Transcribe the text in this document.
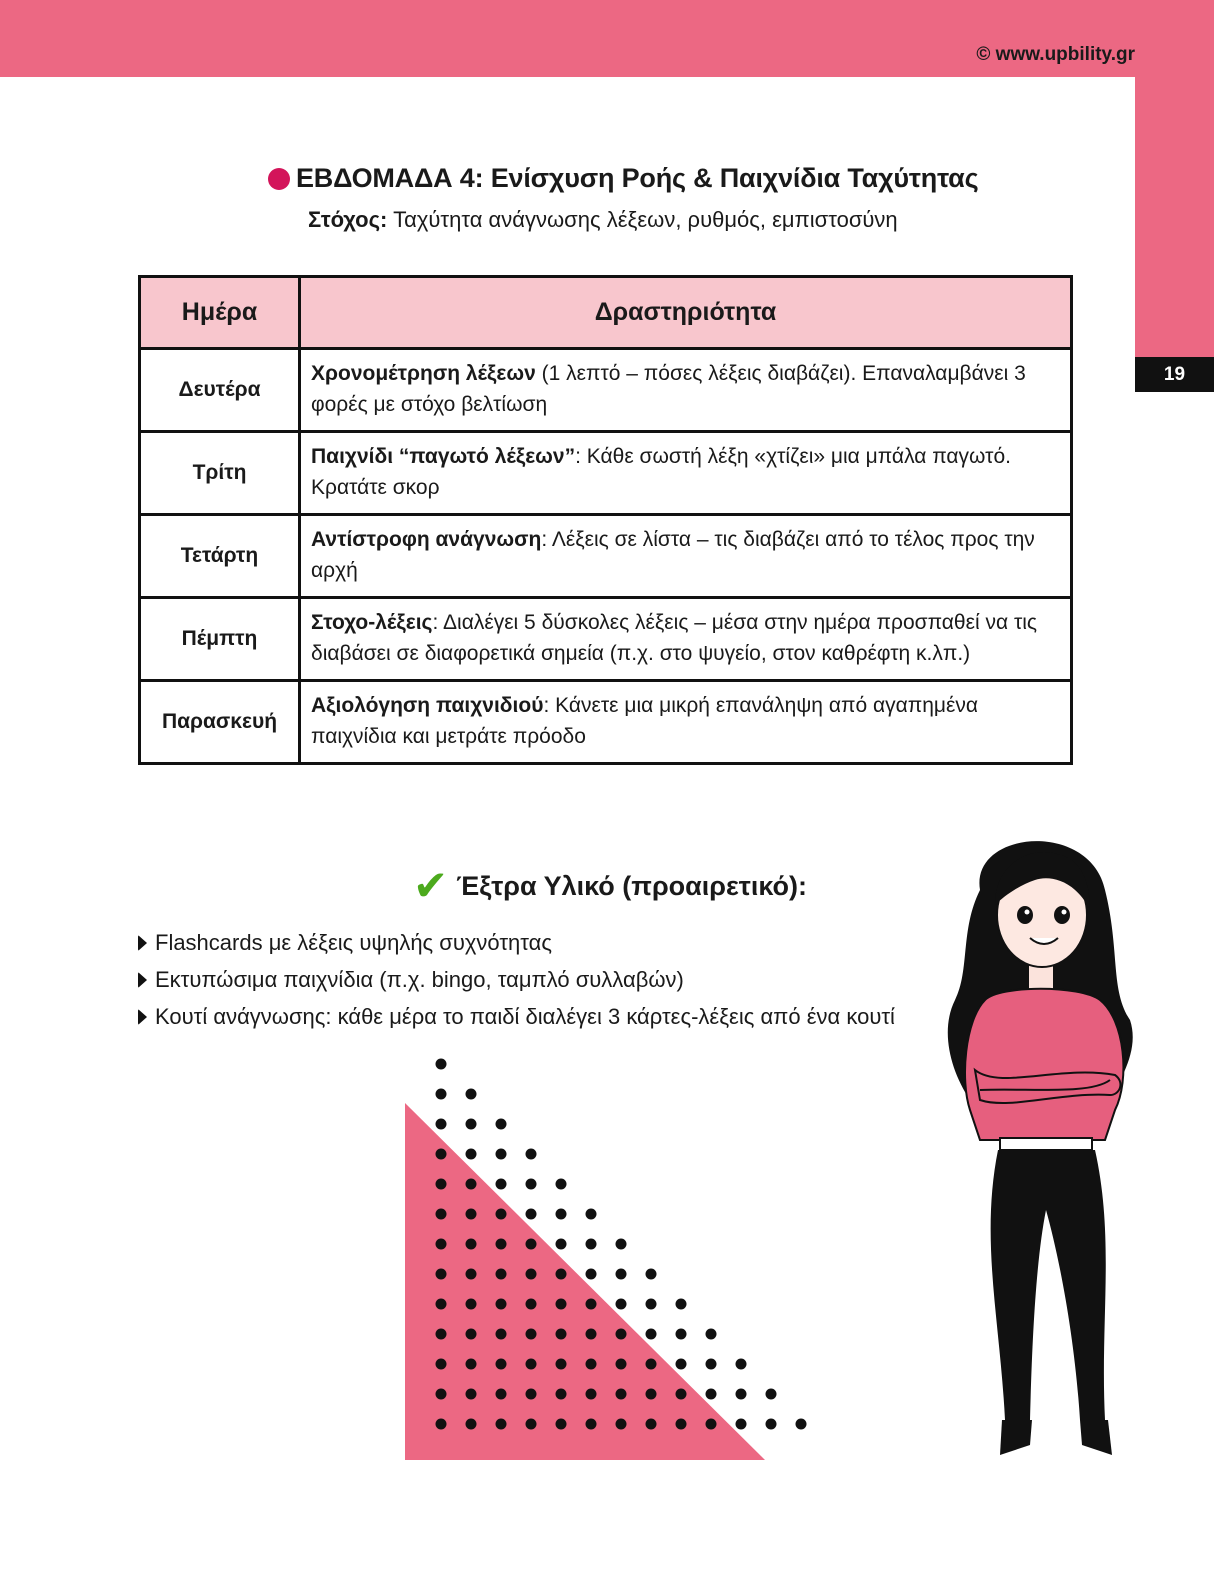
© www.upbility.gr
19
ΕΒΔΟΜΑΔΑ 4: Ενίσχυση Ροής & Παιχνίδια Ταχύτητας
Στόχος: Ταχύτητα ανάγνωσης λέξεων, ρυθμός, εμπιστοσύνη
Ημέρα	Δραστηριότητα
Δευτέρα	Χρονομέτρηση λέξεων (1 λεπτό – πόσες λέξεις διαβάζει). Επαναλαμβάνει 3 φορές με στόχο βελτίωση
Τρίτη	Παιχνίδι “παγωτό λέξεων”: Κάθε σωστή λέξη «χτίζει» μια μπάλα παγωτό. Κρατάτε σκορ
Τετάρτη	Αντίστροφη ανάγνωση: Λέξεις σε λίστα – τις διαβάζει από το τέλος προς την αρχή
Πέμπτη	Στοχο-λέξεις: Διαλέγει 5 δύσκολες λέξεις – μέσα στην ημέρα προσπαθεί να τις διαβάσει σε διαφορετικά σημεία (π.χ. στο ψυγείο, στον καθρέφτη κ.λπ.)
Παρασκευή	Αξιολόγηση παιχνιδιού: Κάνετε μια μικρή επανάληψη από αγαπημένα παιχνίδια και μετράτε πρόοδο
✔ Έξτρα Υλικό (προαιρετικό):
Flashcards με λέξεις υψηλής συχνότητας
Εκτυπώσιμα παιχνίδια (π.χ. bingo, ταμπλό συλλαβών)
Κουτί ανάγνωσης: κάθε μέρα το παιδί διαλέγει 3 κάρτες-λέξεις από ένα κουτί
